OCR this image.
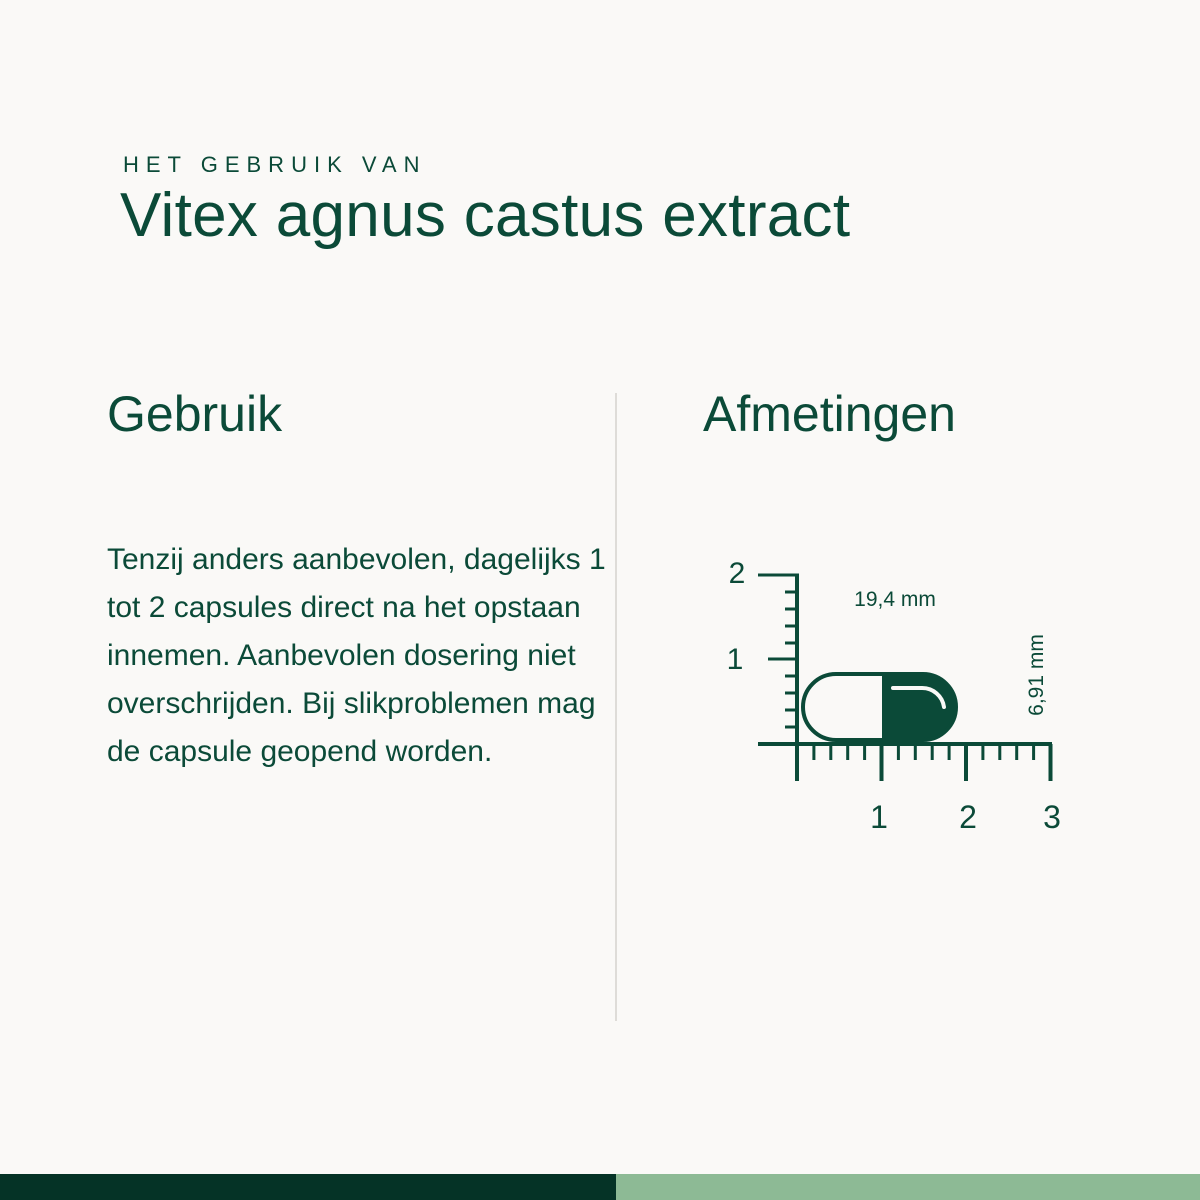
HET GEBRUIK VAN
Vitex agnus castus extract
Gebruik	Afmetingen
Tenzij anders aanbevolen, dagelijks 1 tot 2 capsules direct na het opstaan innemen. Aanbevolen dosering niet overschrijden. Bij slikproblemen mag de capsule geopend worden.
2
1
1 2 3
19,4 mm
6,91 mm
